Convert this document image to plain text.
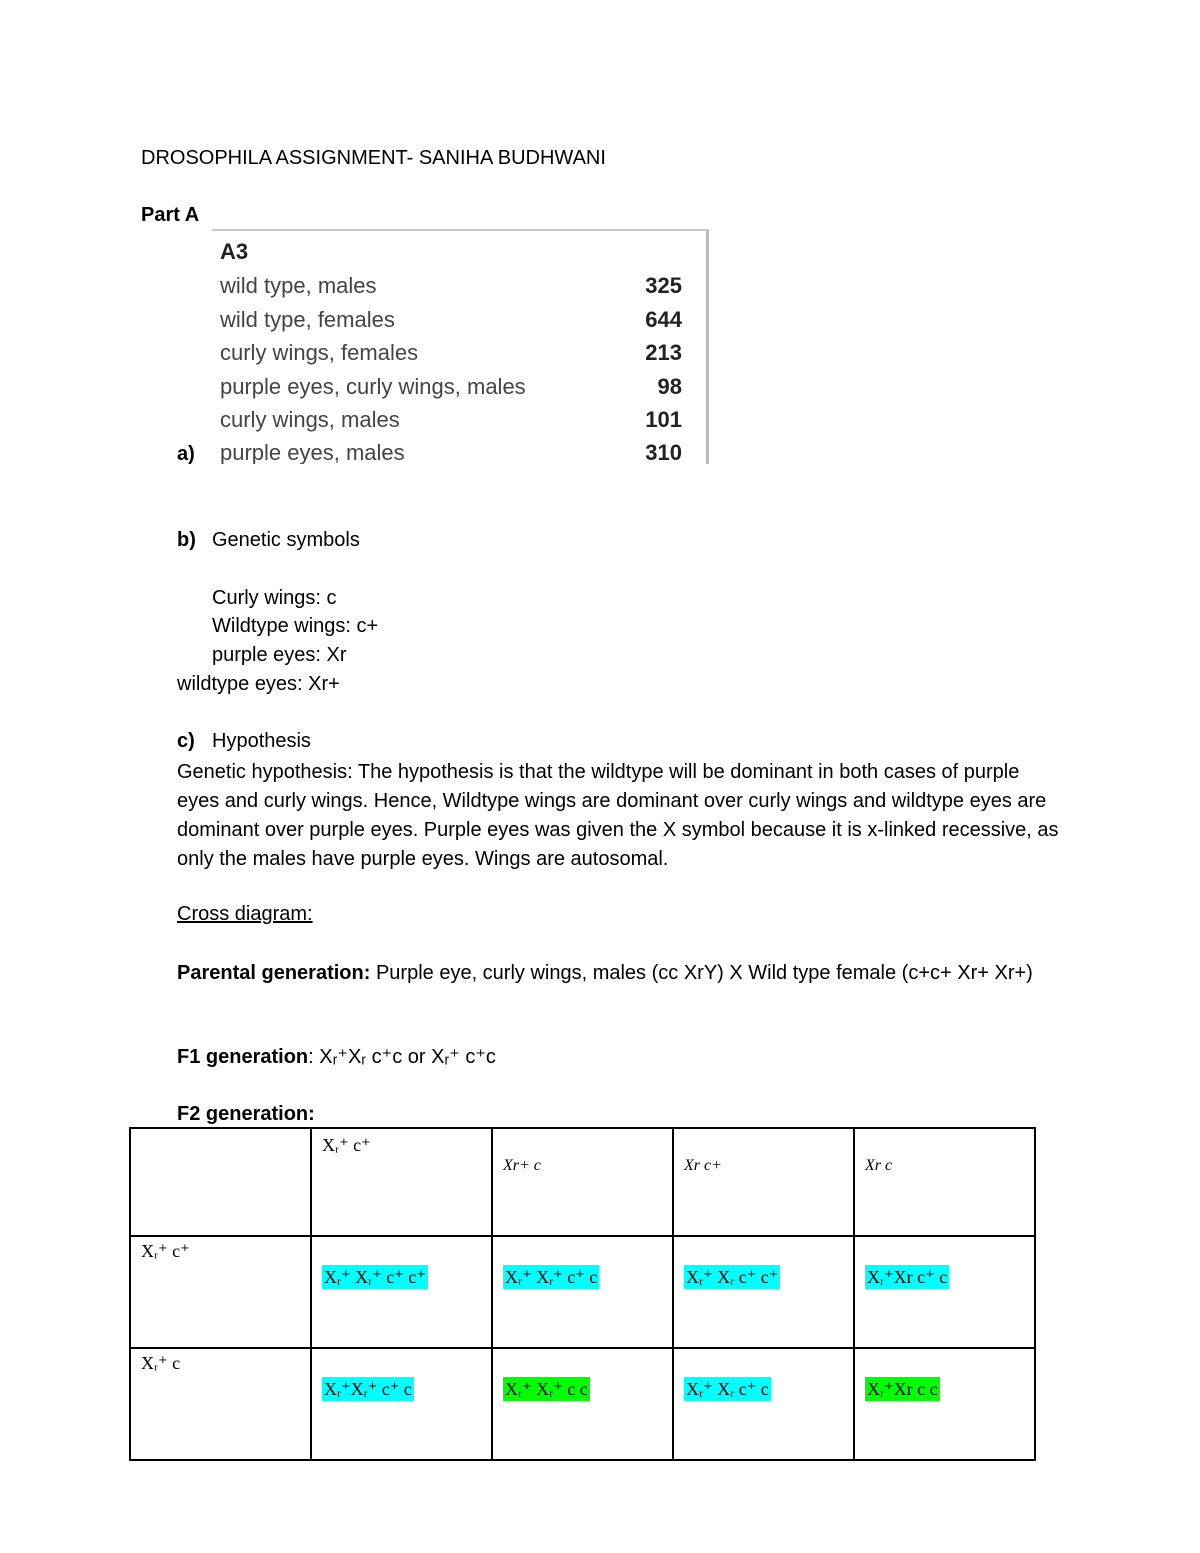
DROSOPHILA ASSIGNMENT- SANIHA BUDHWANI
Part A
A3
wild type, males	325
wild type, females	644
curly wings, females	213
purple eyes, curly wings, males	98
curly wings, males	101
purple eyes, males	310
a)
b) Genetic symbols
Curly wings: c
Wildtype wings: c+
purple eyes: Xr
wildtype eyes: Xr+
c) Hypothesis
Genetic hypothesis: The hypothesis is that the wildtype will be dominant in both cases of purple eyes and curly wings. Hence, Wildtype wings are dominant over curly wings and wildtype eyes are dominant over purple eyes. Purple eyes was given the X symbol because it is x-linked recessive, as only the males have purple eyes. Wings are autosomal.
Cross diagram:
Parental generation: Purple eye, curly wings, males (cc XrY) X Wild type female (c+c+ Xr+ Xr+)
F1 generation: Xᵣ⁺Xᵣ c⁺c or Xᵣ⁺ c⁺c
F2 generation:
	Xᵣ⁺ c⁺	Xr+ c	Xr c+	Xr c
Xᵣ⁺ c⁺	Xᵣ⁺ Xᵣ⁺ c⁺ c⁺	Xᵣ⁺ Xᵣ⁺ c⁺ c	Xᵣ⁺ Xᵣ c⁺ c⁺	Xᵣ⁺Xr c⁺ c
Xᵣ⁺ c	Xᵣ⁺Xᵣ⁺ c⁺ c	Xᵣ⁺ Xᵣ⁺ c c	Xᵣ⁺ Xᵣ c⁺ c	Xᵣ⁺Xr c c
